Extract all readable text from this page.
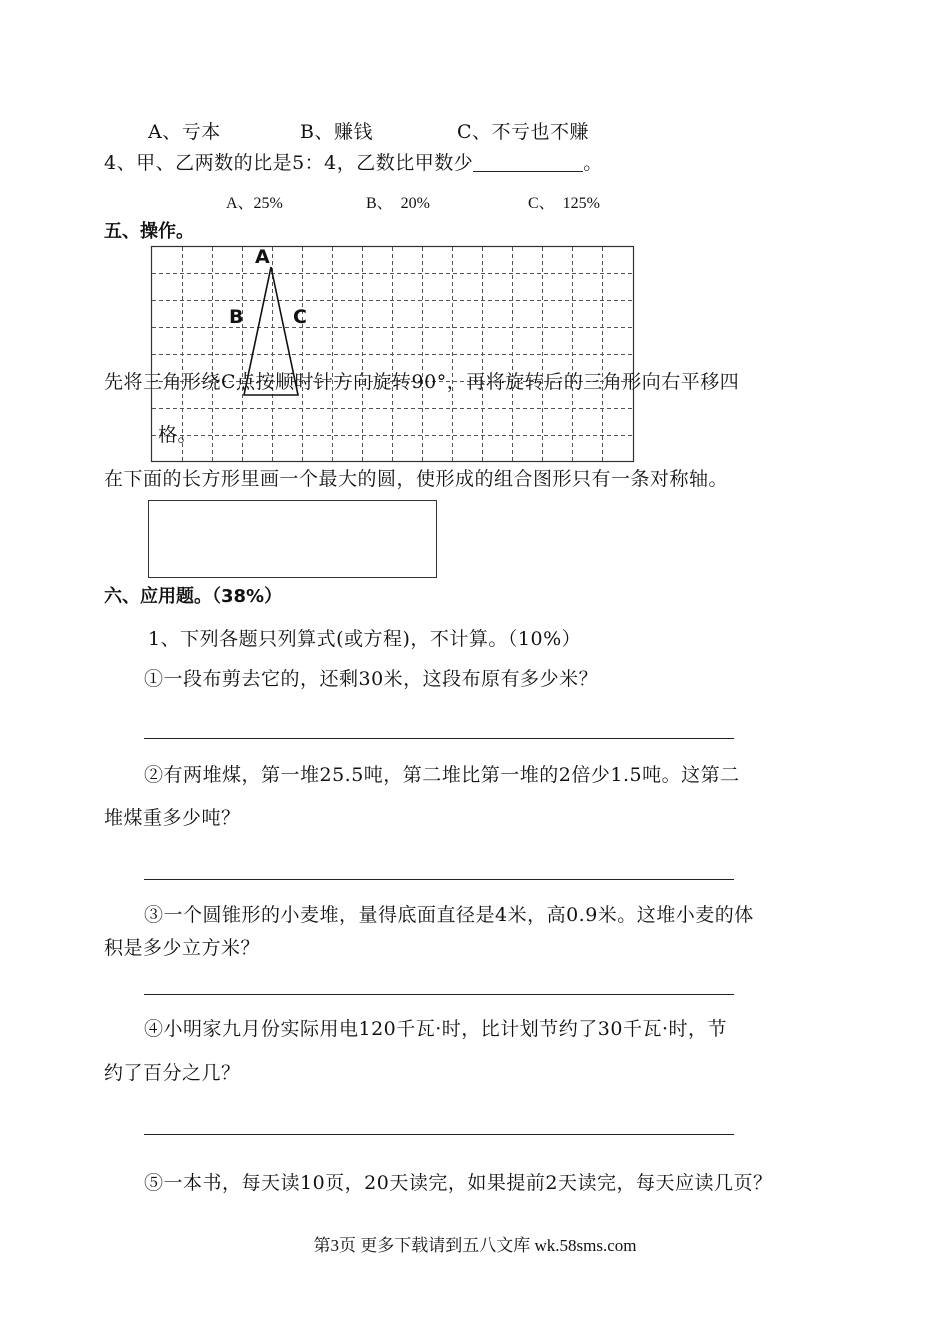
A、亏本	B、赚钱	C、不亏也不赚
4、甲、乙两数的比是5：4，乙数比甲数少	。
A、25%	B、  20%	C、  125%
五、操作。
A
B	C
先将三角形绕C点按顺时针方向旋转90°，再将旋转后的三角形向右平移四
格。
在下面的长方形里画一个最大的圆，使形成的组合图形只有一条对称轴。
六、应用题。（38%）
1、下列各题只列算式(或方程)，不计算。（10%）
①一段布剪去它的，还剩30米，这段布原有多少米？
②有两堆煤，第一堆25.5吨，第二堆比第一堆的2倍少1.5吨。这第二
堆煤重多少吨？
③一个圆锥形的小麦堆，量得底面直径是4米，高0.9米。这堆小麦的体
积是多少立方米？
④小明家九月份实际用电120千瓦·时，比计划节约了30千瓦·时，节
约了百分之几？
⑤一本书，每天读10页，20天读完，如果提前2天读完，每天应读几页？
第3页 更多下载请到五八文库 wk.58sms.com
